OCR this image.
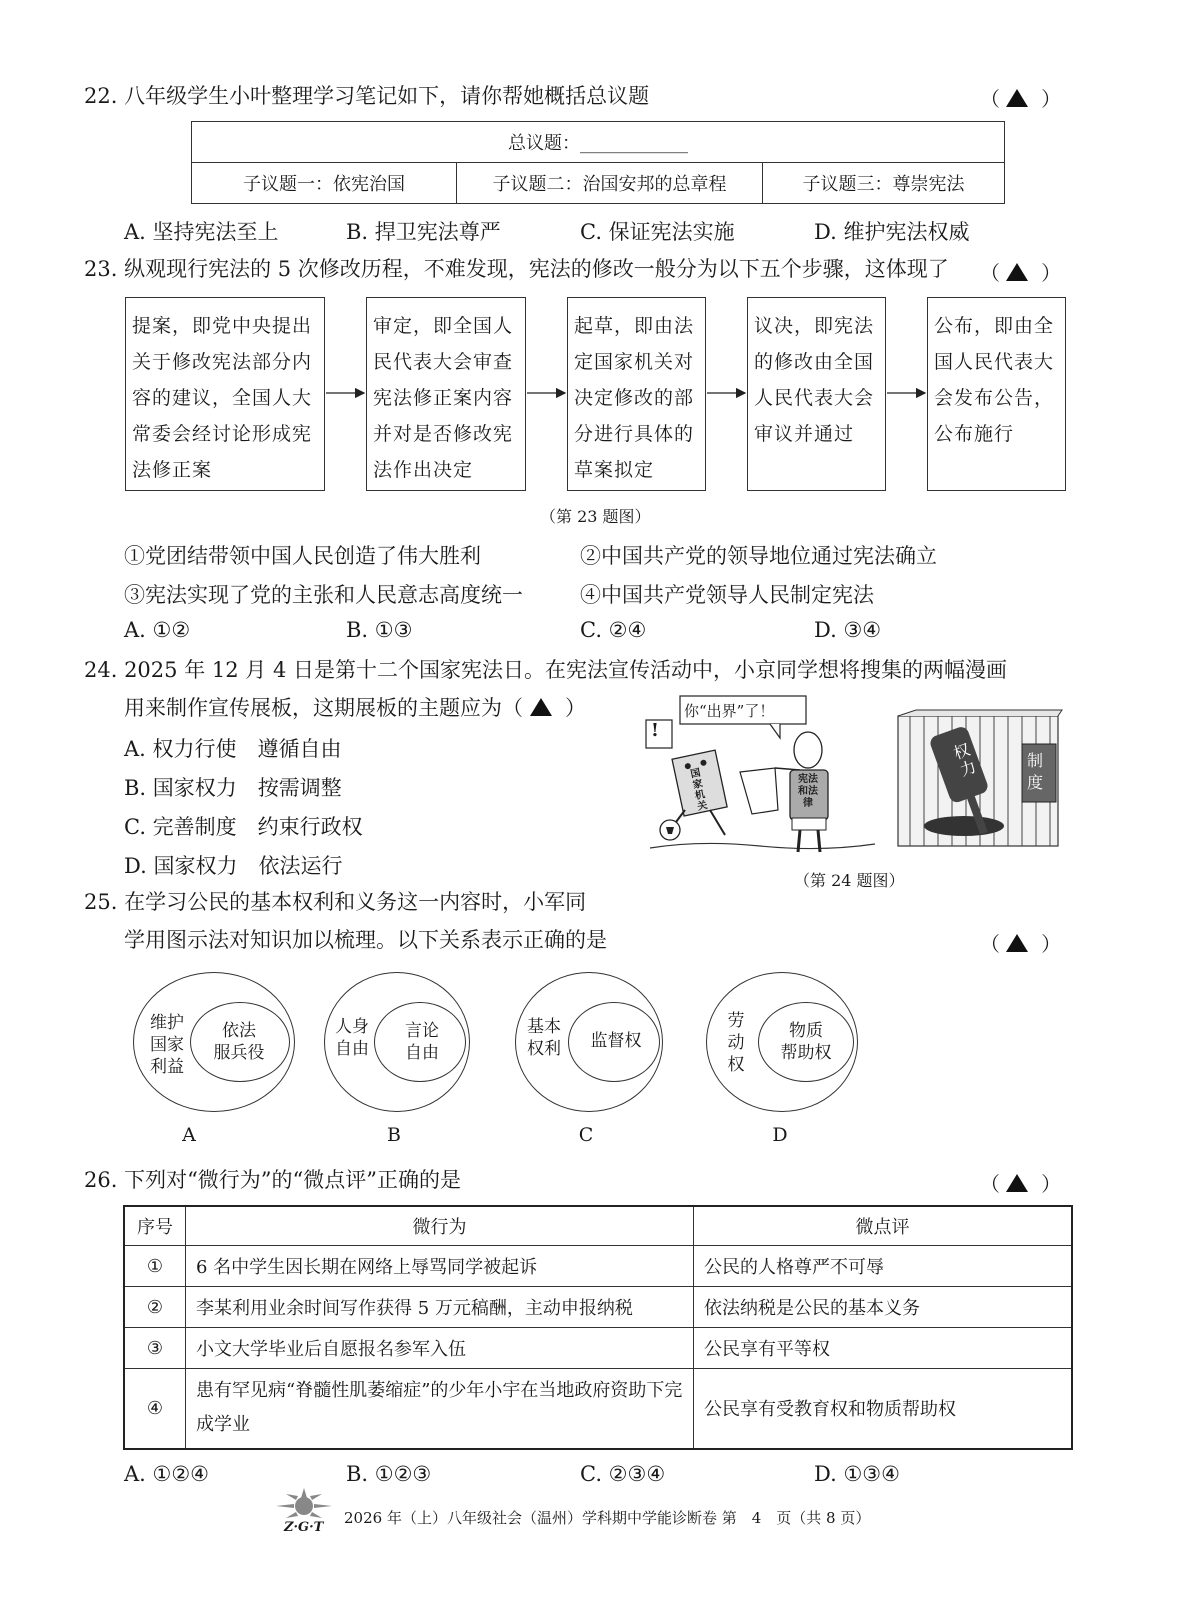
22. 八年级学生小叶整理学习笔记如下，请你帮她概括总议题	（ ）
总议题：____________
子议题一：依宪治国	子议题二：治国安邦的总章程	子议题三：尊崇宪法
A. 坚持宪法至上	B. 捍卫宪法尊严	C. 保证宪法实施	D. 维护宪法权威
23. 纵观现行宪法的 5 次修改历程，不难发现，宪法的修改一般分为以下五个步骤，这体现了 （ ）
提案，即党中央提出关于修改宪法部分内容的建议，全国人大常委会经讨论形成宪法修正案
审定，即全国人民代表大会审查宪法修正案内容并对是否修改宪法作出决定
起草，即由法定国家机关对决定修改的部分进行具体的草案拟定
议决，即宪法的修改由全国人民代表大会审议并通过
公布，即由全国人民代表大会发布公告，公布施行
（第 23 题图）
①党团结带领中国人民创造了伟大胜利	②中国共产党的领导地位通过宪法确立
③宪法实现了党的主张和人民意志高度统一	④中国共产党领导人民制定宪法
A. ①②	B. ①③	C. ②④	D. ③④
24. 2025 年 12 月 4 日是第十二个国家宪法日。在宪法宣传活动中，小京同学想将搜集的两幅漫画
用来制作宣传展板，这期展板的主题应为（ ）
A. 权力行使　遵循自由
B. 国家权力　按需调整
C. 完善制度　约束行政权
D. 国家权力　依法运行
!
你“出界”了！
国家机关
宪法和法律
权力	制度
（第 24 题图）
25. 在学习公民的基本权利和义务这一内容时，小军同
学用图示法对知识加以梳理。以下关系表示正确的是	（ ）
维护
国家
利益
依法
服兵役
A
人身
自由
言论
自由
B
基本
权利	监督权
C
劳
动
权
物质
帮助权
D
26. 下列对“微行为”的“微点评”正确的是	（ ）
序号	微行为	微点评
①	6 名中学生因长期在网络上辱骂同学被起诉	公民的人格尊严不可辱
②	李某利用业余时间写作获得 5 万元稿酬，主动申报纳税	依法纳税是公民的基本义务
③	小文大学毕业后自愿报名参军入伍	公民享有平等权
④	患有罕见病“脊髓性肌萎缩症”的少年小宇在当地政府资助下完成学业	公民享有受教育权和物质帮助权
A. ①②④	B. ①②③	C. ②③④	D. ①③④
Z·G·T
2026 年（上）八年级社会（温州）学科期中学能诊断卷 第　4　页（共 8 页）
